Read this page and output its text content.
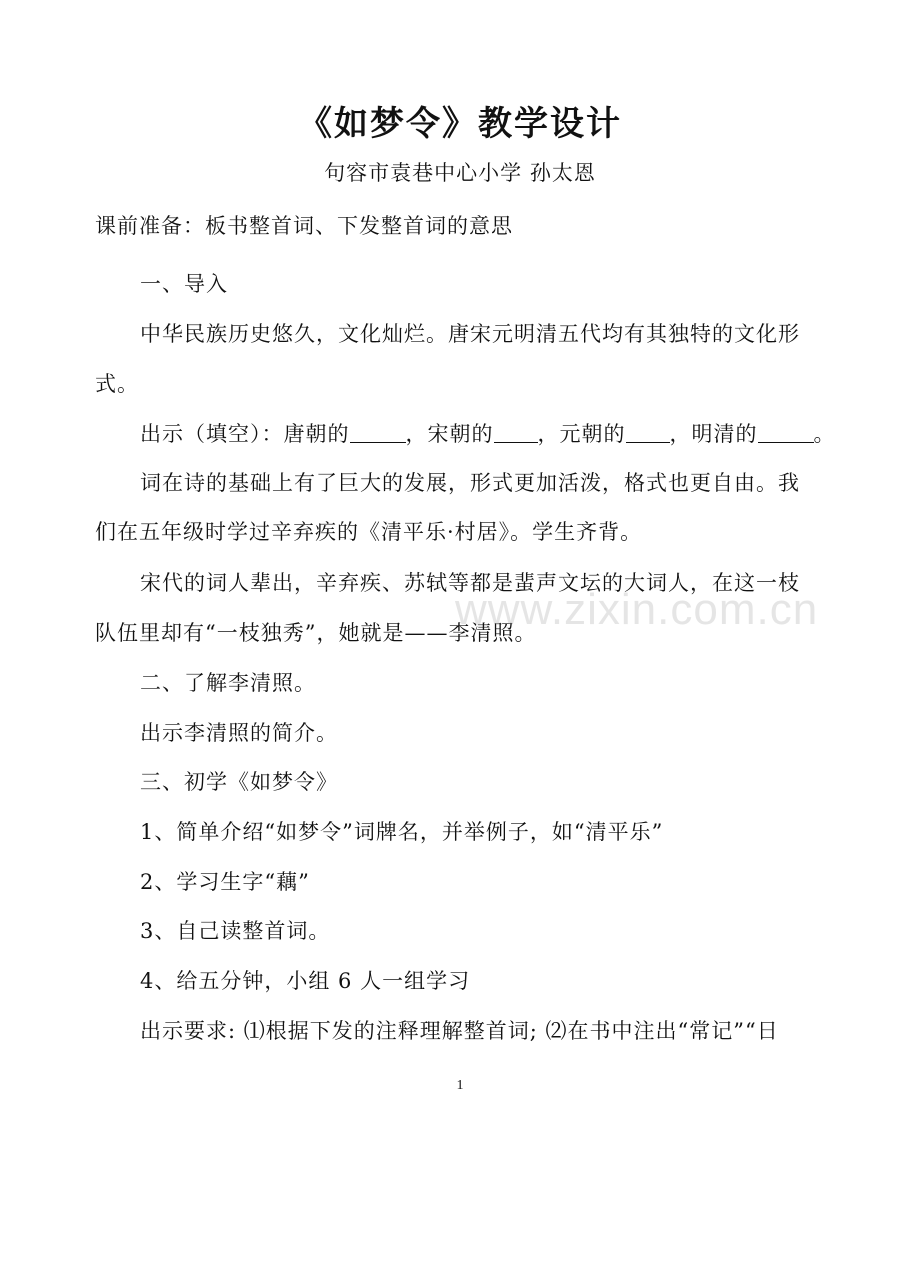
《如梦令》教学设计
句容市袁巷中心小学 孙太恩
课前准备：板书整首词、下发整首词的意思
一、导入
中华民族历史悠久，文化灿烂。唐宋元明清五代均有其独特的文化形
式。
出示（填空）：唐朝的	，宋朝的 ，元朝的 ，明清的	。
词在诗的基础上有了巨大的发展，形式更加活泼，格式也更自由。我
们在五年级时学过辛弃疾的《清平乐·村居》。学生齐背。
宋代的词人辈出，辛弃疾、苏轼等都是蜚声文坛的大词人，在这一枝
队伍里却有“一枝独秀”，她就是——李清照。
二、了解李清照。
出示李清照的简介。
三、初学《如梦令》
1、简单介绍“如梦令”词牌名，并举例子，如“清平乐”
2、学习生字“藕”
3、自己读整首词。
4、给五分钟，小组 6 人一组学习
出示要求: ⑴根据下发的注释理解整首词; ⑵在书中注出“常记”“日
1
www.zixin.com.cn
